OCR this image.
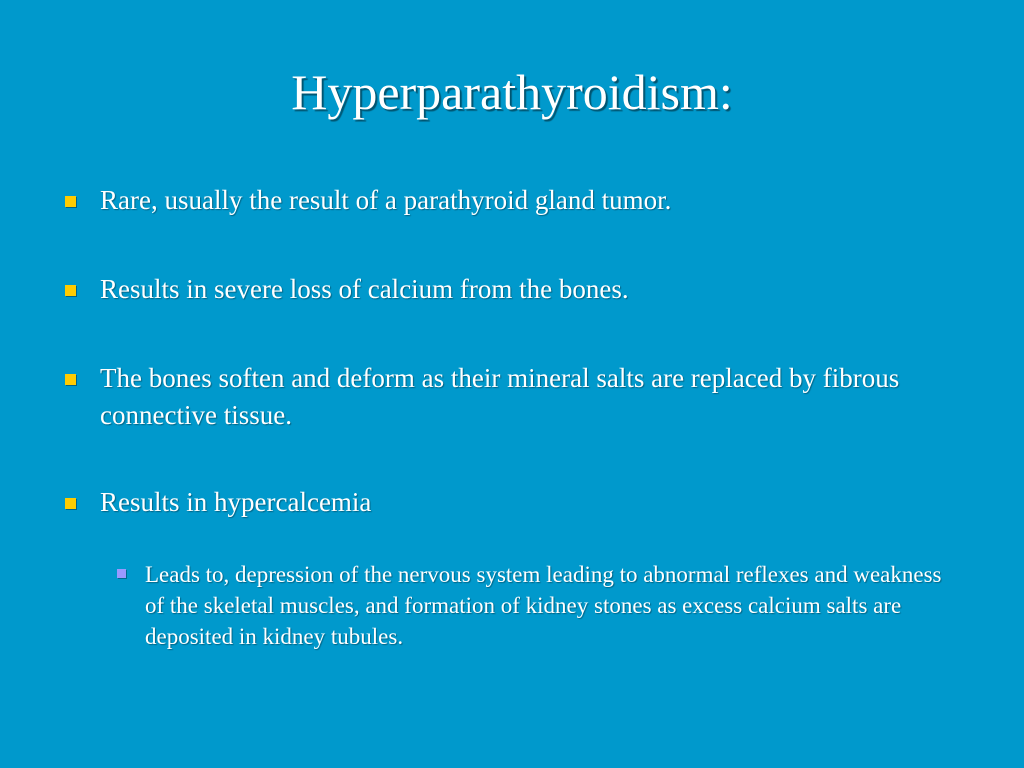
Hyperparathyroidism:
Rare, usually the result of a parathyroid gland tumor.
Results in severe loss of calcium from the bones.
The bones soften and deform as their mineral salts are replaced by fibrous connective tissue.
Results in hypercalcemia
Leads to, depression of the nervous system leading to abnormal reflexes and weakness of the skeletal muscles, and formation of kidney stones as excess calcium salts are deposited in kidney tubules.
